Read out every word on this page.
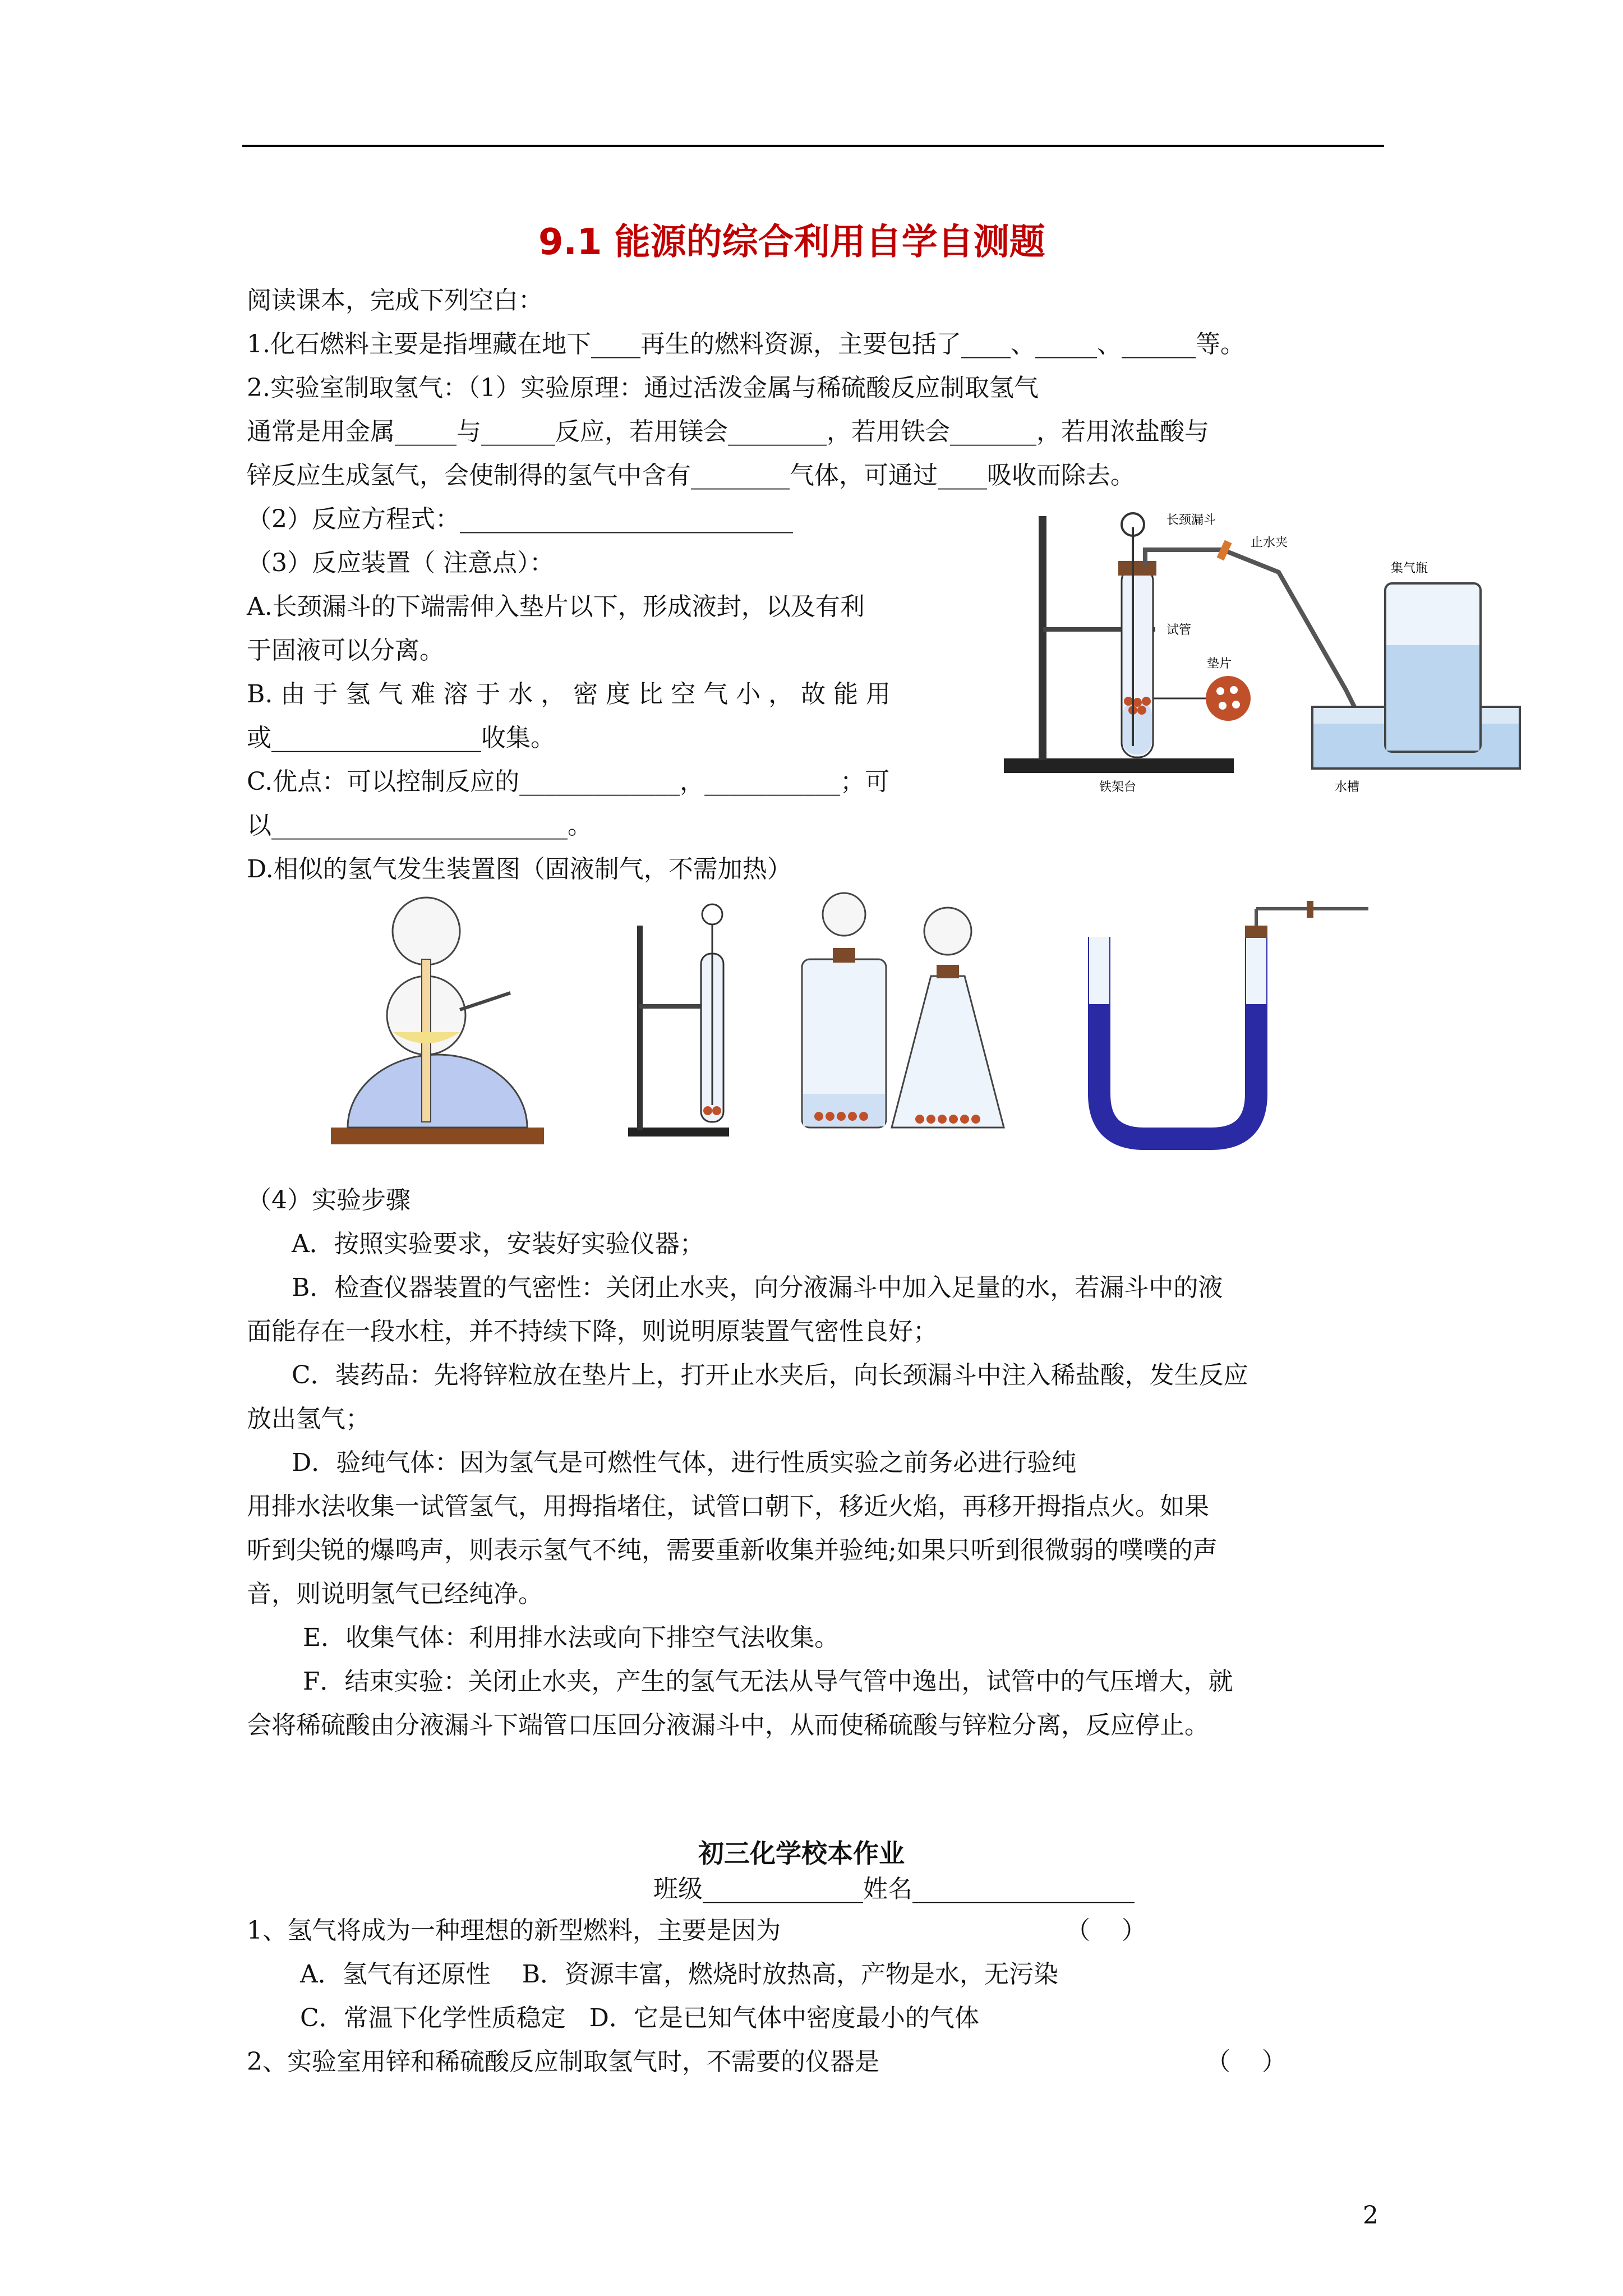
9.1 能源的综合利用自学自测题
阅读课本，完成下列空白：
1.化石燃料主要是指埋藏在地下____再生的燃料资源，主要包括了____、_____、______等。
2.实验室制取氢气：（1）实验原理：通过活泼金属与稀硫酸反应制取氢气
通常是用金属_____与______反应，若用镁会________，若用铁会_______，若用浓盐酸与
锌反应生成氢气，会使制得的氢气中含有________气体，可通过____吸收而除去。
（2）反应方程式：___________________________
（3）反应装置（ 注意点）：
A.长颈漏斗的下端需伸入垫片以下，形成液封，以及有利
于固液可以分离。
B. 由 于 氢 气 难 溶 于 水 ， 密 度 比 空 气 小 ， 故 能 用
或_________________收集。
C.优点：可以控制反应的_____________，___________；可
以________________________。
D.相似的氢气发生装置图（固液制气，不需加热）
长颈漏斗
止水夹
集气瓶
试管
垫片
铁架台	水槽
（4）实验步骤
A．按照实验要求，安装好实验仪器；
B．检查仪器装置的气密性：关闭止水夹，向分液漏斗中加入足量的水，若漏斗中的液
面能存在一段水柱，并不持续下降，则说明原装置气密性良好；
C．装药品：先将锌粒放在垫片上，打开止水夹后，向长颈漏斗中注入稀盐酸，发生反应
放出氢气；
D．验纯气体：因为氢气是可燃性气体，进行性质实验之前务必进行验纯
用排水法收集一试管氢气，用拇指堵住，试管口朝下，移近火焰，再移开拇指点火。如果
听到尖锐的爆鸣声，则表示氢气不纯，需要重新收集并验纯;如果只听到很微弱的噗噗的声
音，则说明氢气已经纯净。
E．收集气体：利用排水法或向下排空气法收集。
F．结束实验：关闭止水夹，产生的氢气无法从导气管中逸出，试管中的气压增大，就
会将稀硫酸由分液漏斗下端管口压回分液漏斗中，从而使稀硫酸与锌粒分离，反应停止。
初三化学校本作业
班级_____________姓名__________________
1、氢气将成为一种理想的新型燃料，主要是因为	（    ）
A．氢气有还原性    B．资源丰富，燃烧时放热高，产物是水，无污染
C．常温下化学性质稳定   D．它是已知气体中密度最小的气体
2、实验室用锌和稀硫酸反应制取氢气时，不需要的仪器是	（    ）
2
